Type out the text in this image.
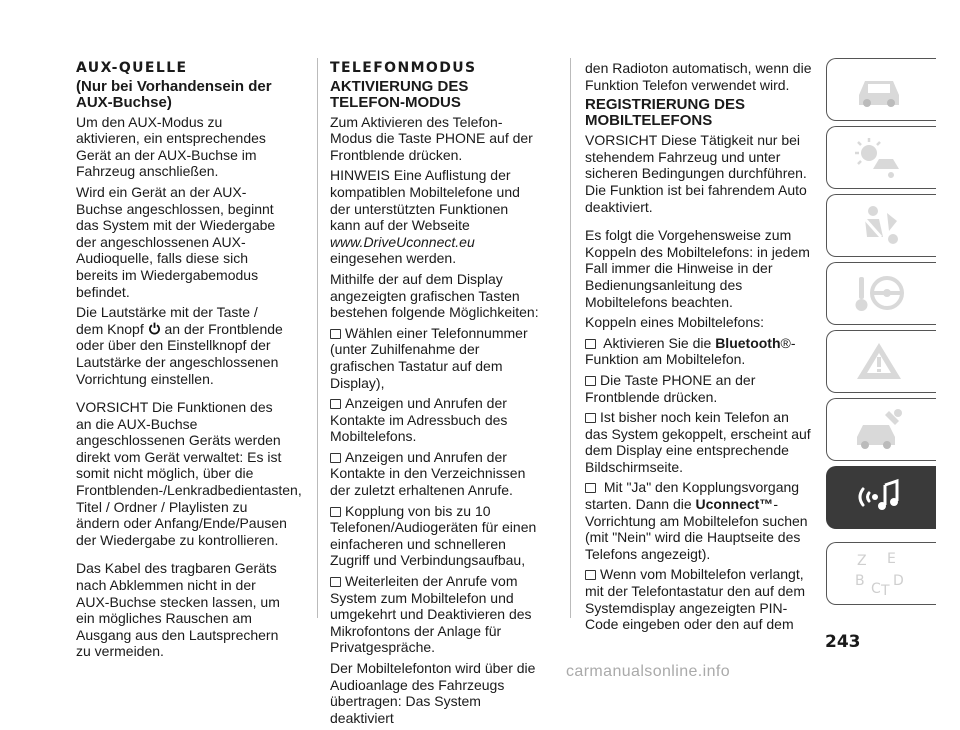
AUX-QUELLE
(Nur bei Vorhandensein der AUX-Buchse)

Um den AUX-Modus zu aktivieren, ein entsprechendes Gerät an der AUX-Buchse im Fahrzeug anschließen.

Wird ein Gerät an der AUX-Buchse angeschlossen, beginnt das System mit der Wiedergabe der angeschlossenen AUX-Audioquelle, falls diese sich bereits im Wiedergabemodus befindet.

Die Lautstärke mit der Taste / dem Knopf an der Frontblende oder über den Einstellknopf der Lautstärke der angeschlossenen Vorrichtung einstellen.

VORSICHT Die Funktionen des an die AUX-Buchse angeschlossenen Geräts werden direkt vom Gerät verwaltet: Es ist somit nicht möglich, über die Frontblenden-/Lenkradbedientasten, Titel / Ordner / Playlisten zu ändern oder Anfang/Ende/Pausen der Wiedergabe zu kontrollieren.

Das Kabel des tragbaren Geräts nach Abklemmen nicht in der AUX-Buchse stecken lassen, um ein mögliches Rauschen am Ausgang aus den Lautsprechern zu vermeiden.

TELEFONMODUS
AKTIVIERUNG DES TELEFON-MODUS

Zum Aktivieren des Telefon-Modus die Taste PHONE auf der Frontblende drücken.

HINWEIS Eine Auflistung der kompatiblen Mobiltelefone und der unterstützten Funktionen kann auf der Webseite www.DriveUconnect.eu eingesehen werden.

Mithilfe der auf dem Display angezeigten grafischen Tasten bestehen folgende Möglichkeiten:

Wählen einer Telefonnummer (unter Zuhilfenahme der grafischen Tastatur auf dem Display),

Anzeigen und Anrufen der Kontakte im Adressbuch des Mobiltelefons.

Anzeigen und Anrufen der Kontakte in den Verzeichnissen der zuletzt erhaltenen Anrufe.

Kopplung von bis zu 10 Telefonen/Audiogeräten für einen einfacheren und schnelleren Zugriff und Verbindungsaufbau,

Weiterleiten der Anrufe vom System zum Mobiltelefon und umgekehrt und Deaktivieren des Mikrofontons der Anlage für Privatgespräche.

Der Mobiltelefonton wird über die Audioanlage des Fahrzeugs übertragen: Das System deaktiviert

den Radioton automatisch, wenn die Funktion Telefon verwendet wird.

REGISTRIERUNG DES MOBILTELEFONS

VORSICHT Diese Tätigkeit nur bei stehendem Fahrzeug und unter sicheren Bedingungen durchführen. Die Funktion ist bei fahrendem Auto deaktiviert.

Es folgt die Vorgehensweise zum Koppeln des Mobiltelefons: in jedem Fall immer die Hinweise in der Bedienungsanleitung des Mobiltelefons beachten.

Koppeln eines Mobiltelefons:

Aktivieren Sie die Bluetooth®-Funktion am Mobiltelefon.

Die Taste PHONE an der Frontblende drücken.

Ist bisher noch kein Telefon an das System gekoppelt, erscheint auf dem Display eine entsprechende Bildschirmseite.

Mit "Ja" den Kopplungsvorgang starten. Dann die Uconnect™-Vorrichtung am Mobiltelefon suchen (mit "Nein" wird die Hauptseite des Telefons angezeigt).

Wenn vom Mobiltelefon verlangt, mit der Telefontastatur den auf dem Systemdisplay angezeigten PIN-Code eingeben oder den auf dem

Z E
B C T
D
243
carmanualsonline.info
